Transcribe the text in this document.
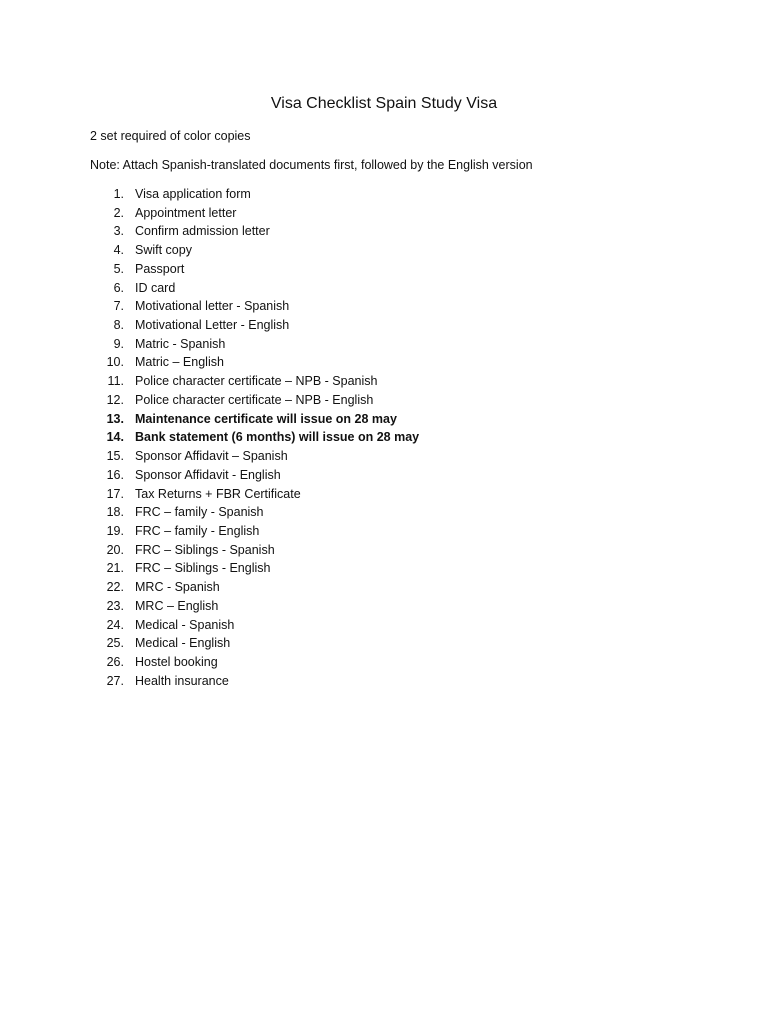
Visa Checklist Spain Study Visa

2 set required of color copies

Note: Attach Spanish-translated documents first, followed by the English version

1. Visa application form
2. Appointment letter
3. Confirm admission letter
4. Swift copy
5. Passport
6. ID card
7. Motivational letter - Spanish
8. Motivational Letter - English
9. Matric - Spanish
10. Matric – English
11. Police character certificate – NPB - Spanish
12. Police character certificate – NPB - English
13. Maintenance certificate will issue on 28 may
14. Bank statement (6 months) will issue on 28 may
15. Sponsor Affidavit – Spanish
16. Sponsor Affidavit - English
17. Tax Returns + FBR Certificate
18. FRC – family - Spanish
19. FRC – family - English
20. FRC – Siblings - Spanish
21. FRC – Siblings - English
22. MRC - Spanish
23. MRC – English
24. Medical - Spanish
25. Medical - English
26. Hostel booking
27. Health insurance
